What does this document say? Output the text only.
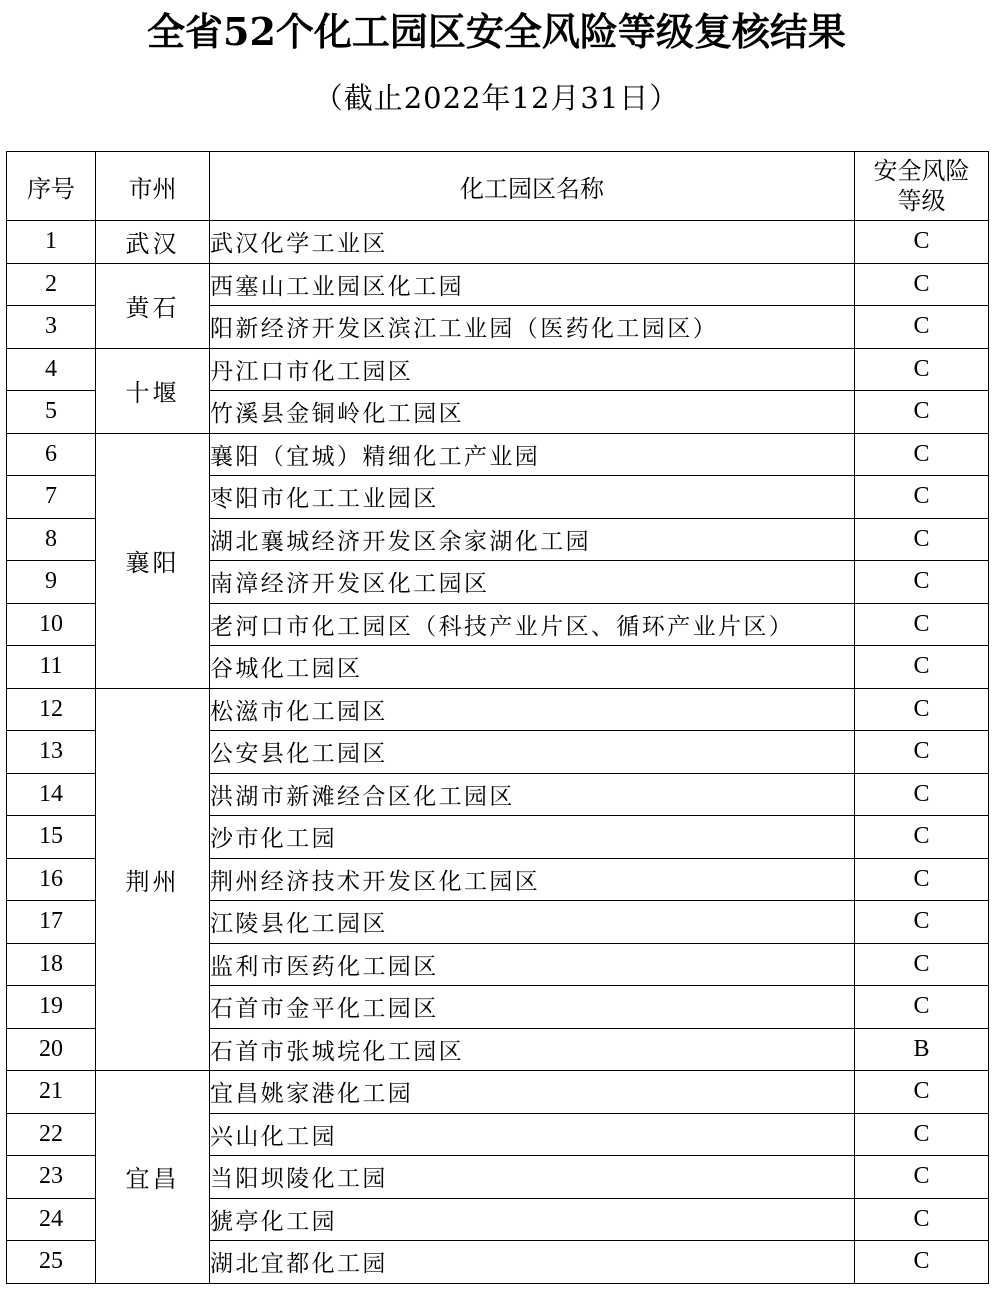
全省52个化工园区安全风险等级复核结果
（截止2022年12月31日）
序号	市州	化工园区名称	安全风险
等级
1	武汉	武汉化学工业区	C
2	黄石	西塞山工业园区化工园	C
3		阳新经济开发区滨江工业园（医药化工园区）	C
4	十堰	丹江口市化工园区	C
5		竹溪县金铜岭化工园区	C
6	襄阳	襄阳（宜城）精细化工产业园	C
7		枣阳市化工工业园区	C
8		湖北襄城经济开发区余家湖化工园	C
9		南漳经济开发区化工园区	C
10		老河口市化工园区（科技产业片区、循环产业片区）	C
11		谷城化工园区	C
12	荆州	松滋市化工园区	C
13		公安县化工园区	C
14		洪湖市新滩经合区化工园区	C
15		沙市化工园	C
16		荆州经济技术开发区化工园区	C
17		江陵县化工园区	C
18		监利市医药化工园区	C
19		石首市金平化工园区	C
20		石首市张城垸化工园区	B
21	宜昌	宜昌姚家港化工园	C
22		兴山化工园	C
23		当阳坝陵化工园	C
24		猇亭化工园	C
25		湖北宜都化工园	C
